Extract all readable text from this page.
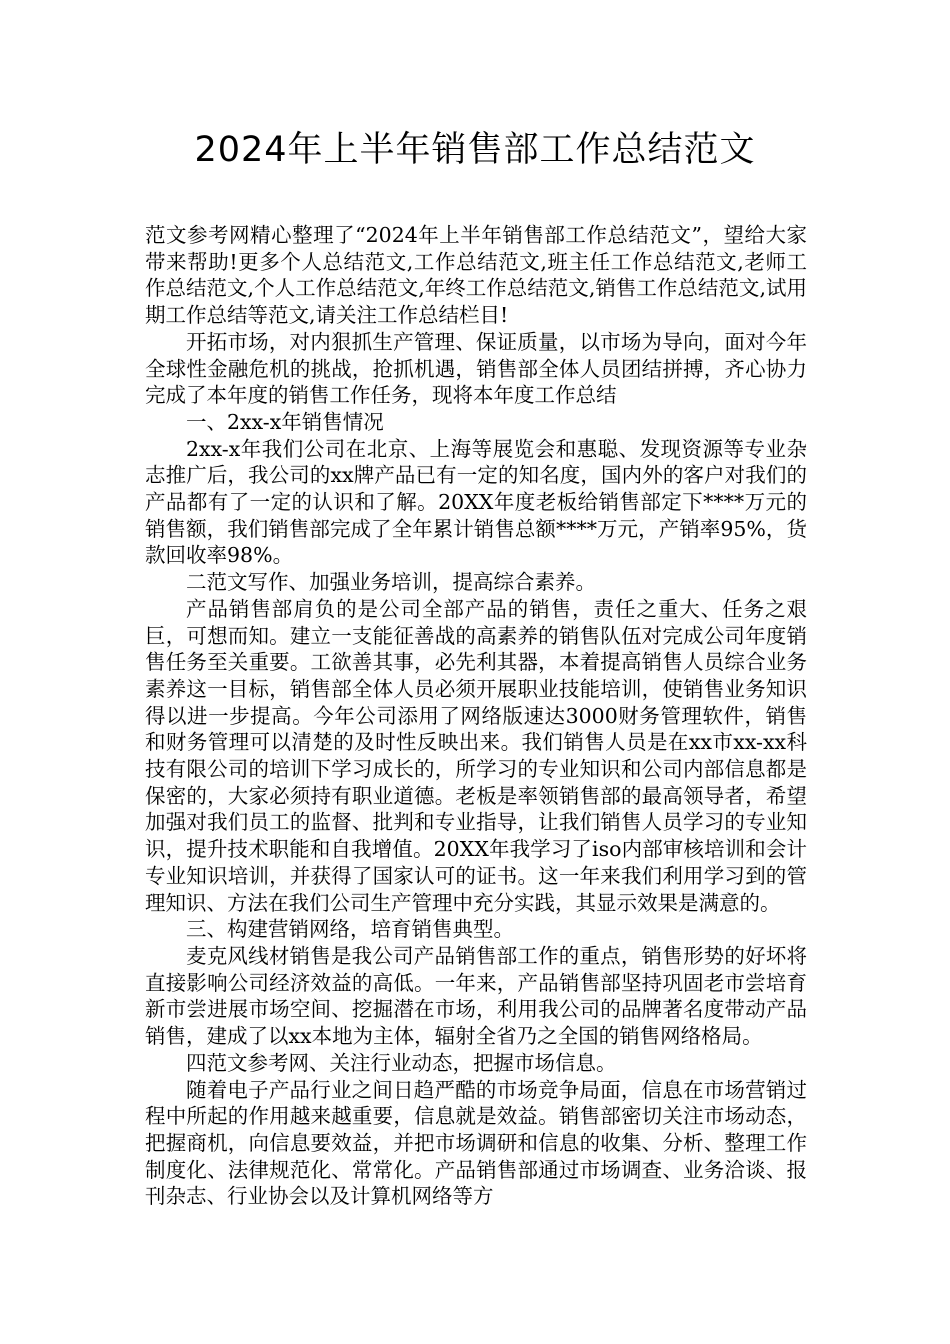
2024年上半年销售部工作总结范文

范文参考网精心整理了“2024年上半年销售部工作总结范文”，望给大家带来帮助!更多个人总结范文,工作总结范文,班主任工作总结范文,老师工作总结范文,个人工作总结范文,年终工作总结范文,销售工作总结范文,试用期工作总结等范文,请关注工作总结栏目!

开拓市场，对内狠抓生产管理、保证质量，以市场为导向，面对今年全球性金融危机的挑战，抢抓机遇，销售部全体人员团结拼搏，齐心协力完成了本年度的销售工作任务，现将本年度工作总结

一、2xx-x年销售情况

2xx-x年我们公司在北京、上海等展览会和惠聪、发现资源等专业杂志推广后，我公司的xx牌产品已有一定的知名度，国内外的客户对我们的产品都有了一定的认识和了解。20XX年度老板给销售部定下****万元的销售额，我们销售部完成了全年累计销售总额****万元，产销率95%，货款回收率98%。

二范文写作、加强业务培训，提高综合素养。

产品销售部肩负的是公司全部产品的销售，责任之重大、任务之艰巨，可想而知。建立一支能征善战的高素养的销售队伍对完成公司年度销售任务至关重要。工欲善其事，必先利其器，本着提高销售人员综合业务素养这一目标，销售部全体人员必须开展职业技能培训，使销售业务知识得以进一步提高。今年公司添用了网络版速达3000财务管理软件，销售和财务管理可以清楚的及时性反映出来。我们销售人员是在xx市xx-xx科技有限公司的培训下学习成长的，所学习的专业知识和公司内部信息都是保密的，大家必须持有职业道德。老板是率领销售部的最高领导者，希望加强对我们员工的监督、批判和专业指导，让我们销售人员学习的专业知识，提升技术职能和自我增值。20XX年我学习了iso内部审核培训和会计专业知识培训，并获得了国家认可的证书。这一年来我们利用学习到的管理知识、方法在我们公司生产管理中充分实践，其显示效果是满意的。

三、构建营销网络，培育销售典型。

麦克风线材销售是我公司产品销售部工作的重点，销售形势的好坏将直接影响公司经济效益的高低。一年来，产品销售部坚持巩固老市尝培育新市尝进展市场空间、挖掘潜在市场，利用我公司的品牌著名度带动产品销售，建成了以xx本地为主体，辐射全省乃之全国的销售网络格局。

四范文参考网、关注行业动态，把握市场信息。

随着电子产品行业之间日趋严酷的市场竞争局面，信息在市场营销过程中所起的作用越来越重要，信息就是效益。销售部密切关注市场动态，把握商机，向信息要效益，并把市场调研和信息的收集、分析、整理工作制度化、法律规范化、常常化。产品销售部通过市场调查、业务洽谈、报刊杂志、行业协会以及计算机网络等方
